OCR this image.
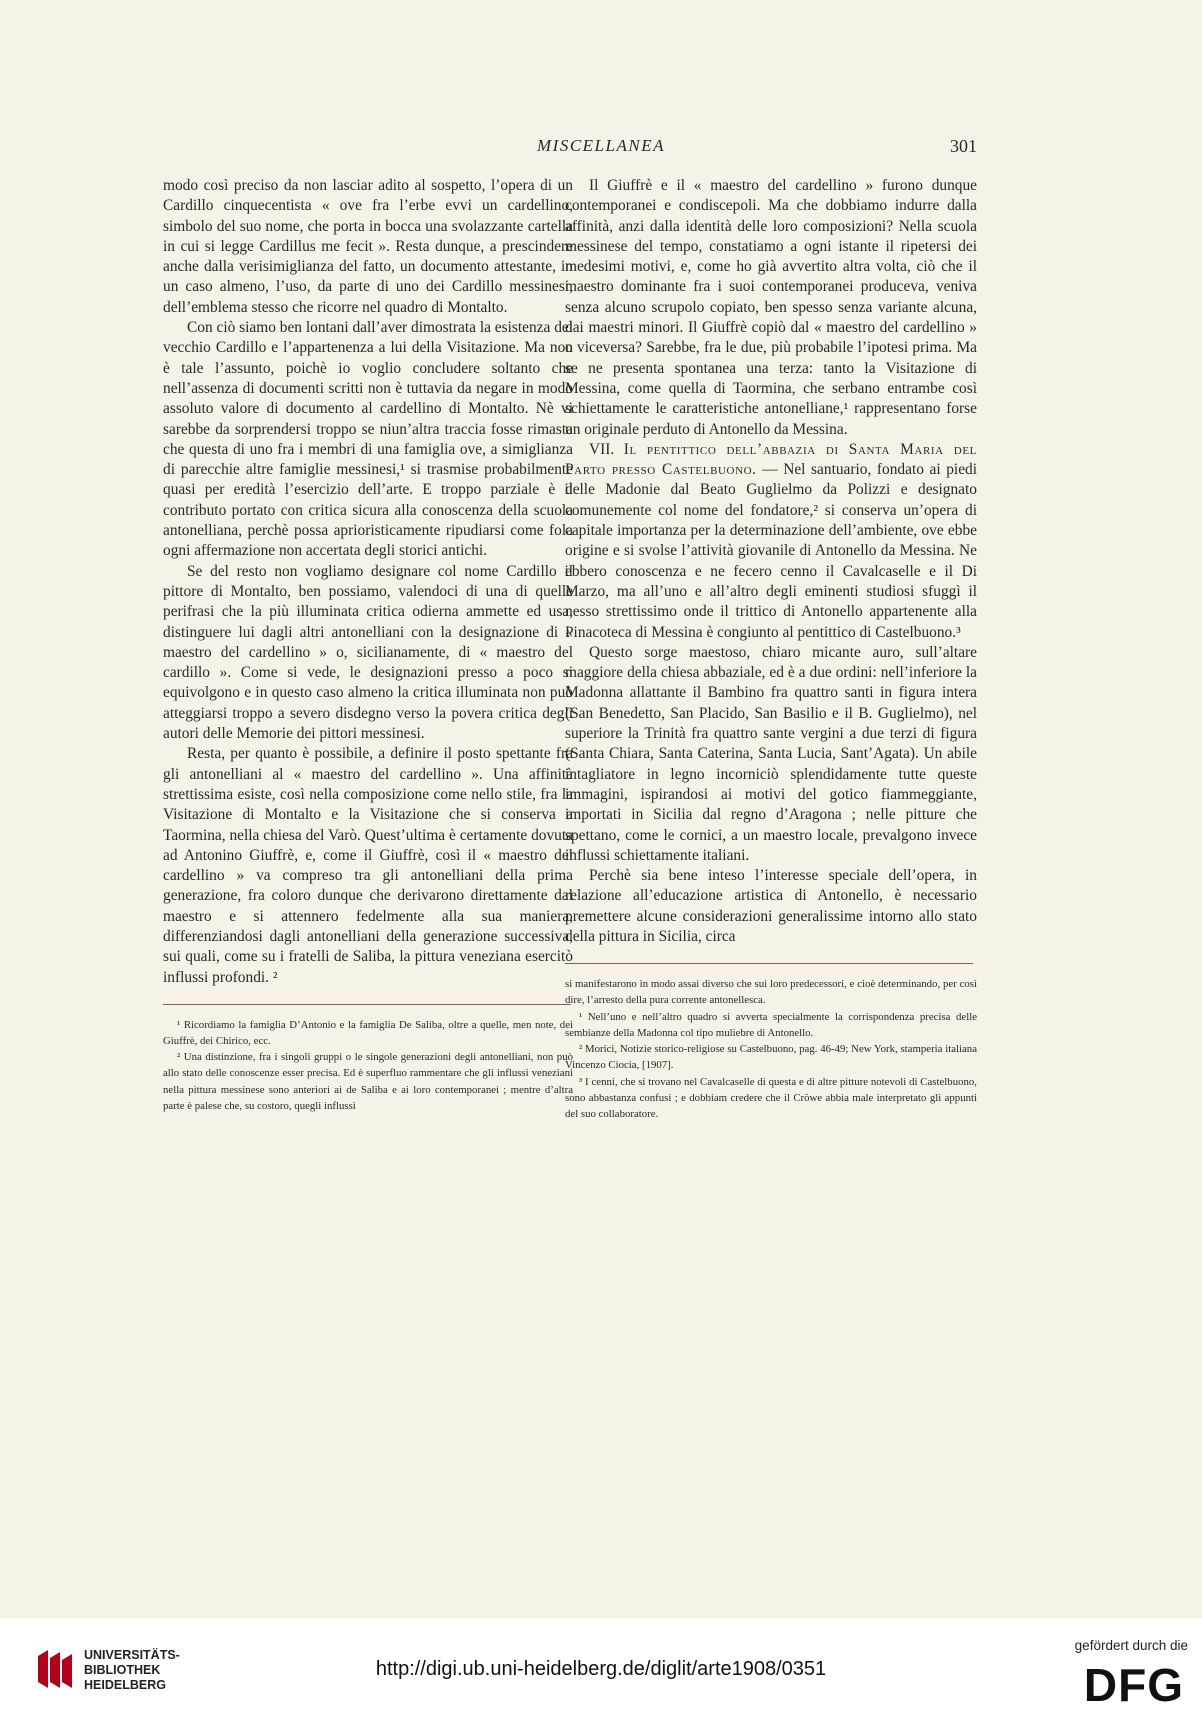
MISCELLANEA	301

modo così preciso da non lasciar adito al sospetto, l’opera di un Cardillo cinquecentista « ove fra l’erbe evvi un cardellino, simbolo del suo nome, che porta in bocca una svolazzante cartella in cui si legge Cardillus me fecit ». Resta dunque, a prescindere anche dalla verisimiglianza del fatto, un documento attestante, in un caso almeno, l’uso, da parte di uno dei Cardillo messinesi, dell’emblema stesso che ricorre nel quadro di Montalto.

Con ciò siamo ben lontani dall’aver dimostrata la esistenza del vecchio Cardillo e l’appartenenza a lui della Visitazione. Ma non è tale l’assunto, poichè io voglio concludere soltanto che nell’assenza di documenti scritti non è tuttavia da negare in modo assoluto valore di documento al cardellino di Montalto. Nè vi sarebbe da sorprendersi troppo se niun’altra traccia fosse rimasta che questa di uno fra i membri di una famiglia ove, a simiglianza di parecchie altre famiglie messinesi,¹ si trasmise probabilmente quasi per eredità l’esercizio dell’arte. E troppo parziale è il contributo portato con critica sicura alla conoscenza della scuola antonelliana, perchè possa aprioristicamente ripudiarsi come fola ogni affermazione non accertata degli storici antichi.

Se del resto non vogliamo designare col nome Cardillo il pittore di Montalto, ben possiamo, valendoci di una di quelle perifrasi che la più illuminata critica odierna ammette ed usa, distinguere lui dagli altri antonelliani con la designazione di « maestro del cardellino » o, sicilianamente, di « maestro del cardillo ». Come si vede, le designazioni presso a poco si equivolgono e in questo caso almeno la critica illuminata non può atteggiarsi troppo a severo disdegno verso la povera critica degli autori delle Memorie dei pittori messinesi.

Resta, per quanto è possibile, a definire il posto spettante fra gli antonelliani al « maestro del cardellino ». Una affinità strettissima esiste, così nella composizione come nello stile, fra la Visitazione di Montalto e la Visitazione che si conserva a Taormina, nella chiesa del Varò. Quest’ultima è certamente dovuta ad Antonino Giuffrè, e, come il Giuffrè, così il « maestro del cardellino » va compreso tra gli antonelliani della prima generazione, fra coloro dunque che derivarono direttamente dal maestro e si attennero fedelmente alla sua maniera, differenziandosi dagli antonelliani della generazione successiva, sui quali, come su i fratelli de Saliba, la pittura veneziana esercitò influssi profondi. ²

¹ Ricordiamo la famiglia D’Antonio e la famiglia De Saliba, oltre a quelle, men note, dei Giuffrè, dei Chirico, ecc.

² Una distinzione, fra i singoli gruppi o le singole generazioni degli antonelliani, non può allo stato delle conoscenze esser precisa. Ed è superfluo rammentare che gli influssi veneziani nella pittura messinese sono anteriori ai de Saliba e ai loro contemporanei ; mentre d’altra parte è palese che, su costoro, quegli influssi

Il Giuffrè e il « maestro del cardellino » furono dunque contemporanei e condiscepoli. Ma che dobbiamo indurre dalla affinità, anzi dalla identità delle loro composizioni? Nella scuola messinese del tempo, constatiamo a ogni istante il ripetersi dei medesimi motivi, e, come ho già avvertito altra volta, ciò che il maestro dominante fra i suoi contemporanei produceva, veniva senza alcuno scrupolo copiato, ben spesso senza variante alcuna, dai maestri minori. Il Giuffrè copiò dal « maestro del cardellino » o viceversa? Sarebbe, fra le due, più probabile l’ipotesi prima. Ma se ne presenta spontanea una terza: tanto la Visitazione di Messina, come quella di Taormina, che serbano entrambe così schiettamente le caratteristiche antonelliane,¹ rappresentano forse un originale perduto di Antonello da Messina.

VII. Il pentittico dell’abbazia di Santa Maria del Parto presso Castelbuono. — Nel santuario, fondato ai piedi delle Madonie dal Beato Guglielmo da Polizzi e designato comunemente col nome del fondatore,² si conserva un’opera di capitale importanza per la determinazione dell’ambiente, ove ebbe origine e si svolse l’attività giovanile di Antonello da Messina. Ne ebbero conoscenza e ne fecero cenno il Cavalcaselle e il Di Marzo, ma all’uno e all’altro degli eminenti studiosi sfuggì il nesso strettissimo onde il trittico di Antonello appartenente alla Pinacoteca di Messina è congiunto al pentittico di Castelbuono.³

Questo sorge maestoso, chiaro micante auro, sull’altare maggiore della chiesa abbaziale, ed è a due ordini: nell’inferiore la Madonna allattante il Bambino fra quattro santi in figura intera (San Benedetto, San Placido, San Basilio e il B. Guglielmo), nel superiore la Trinità fra quattro sante vergini a due terzi di figura (Santa Chiara, Santa Caterina, Santa Lucia, Sant’Agata). Un abile intagliatore in legno incorniciò splendidamente tutte queste immagini, ispirandosi ai motivi del gotico fiammeggiante, importati in Sicilia dal regno d’Aragona ; nelle pitture che spettano, come le cornici, a un maestro locale, prevalgono invece influssi schiettamente italiani.

Perchè sia bene inteso l’interesse speciale dell’opera, in relazione all’educazione artistica di Antonello, è necessario premettere alcune considerazioni generalissime intorno allo stato della pittura in Sicilia, circa

si manifestarono in modo assai diverso che sui loro predecessori, e cioè determinando, per così dire, l’arresto della pura corrente antonellesca.

¹ Nell’uno e nell’altro quadro si avverta specialmente la corrispondenza precisa delle sembianze della Madonna col tipo muliebre di Antonello.

² Morici, Notizie storico-religiose su Castelbuono, pag. 46-49; New York, stamperia italiana Vincenzo Ciocia, [1907].

³ I cenni, che si trovano nel Cavalcaselle di questa e di altre pitture notevoli di Castelbuono, sono abbastanza confusi ; e dobbiam credere che il Cröwe abbia male interpretato gli appunti del suo collaboratore.

UNIVERSITÄTS-
BIBLIOTHEK
HEIDELBERG
http://digi.ub.uni-heidelberg.de/diglit/arte1908/0351
gefördert durch die
DFG
